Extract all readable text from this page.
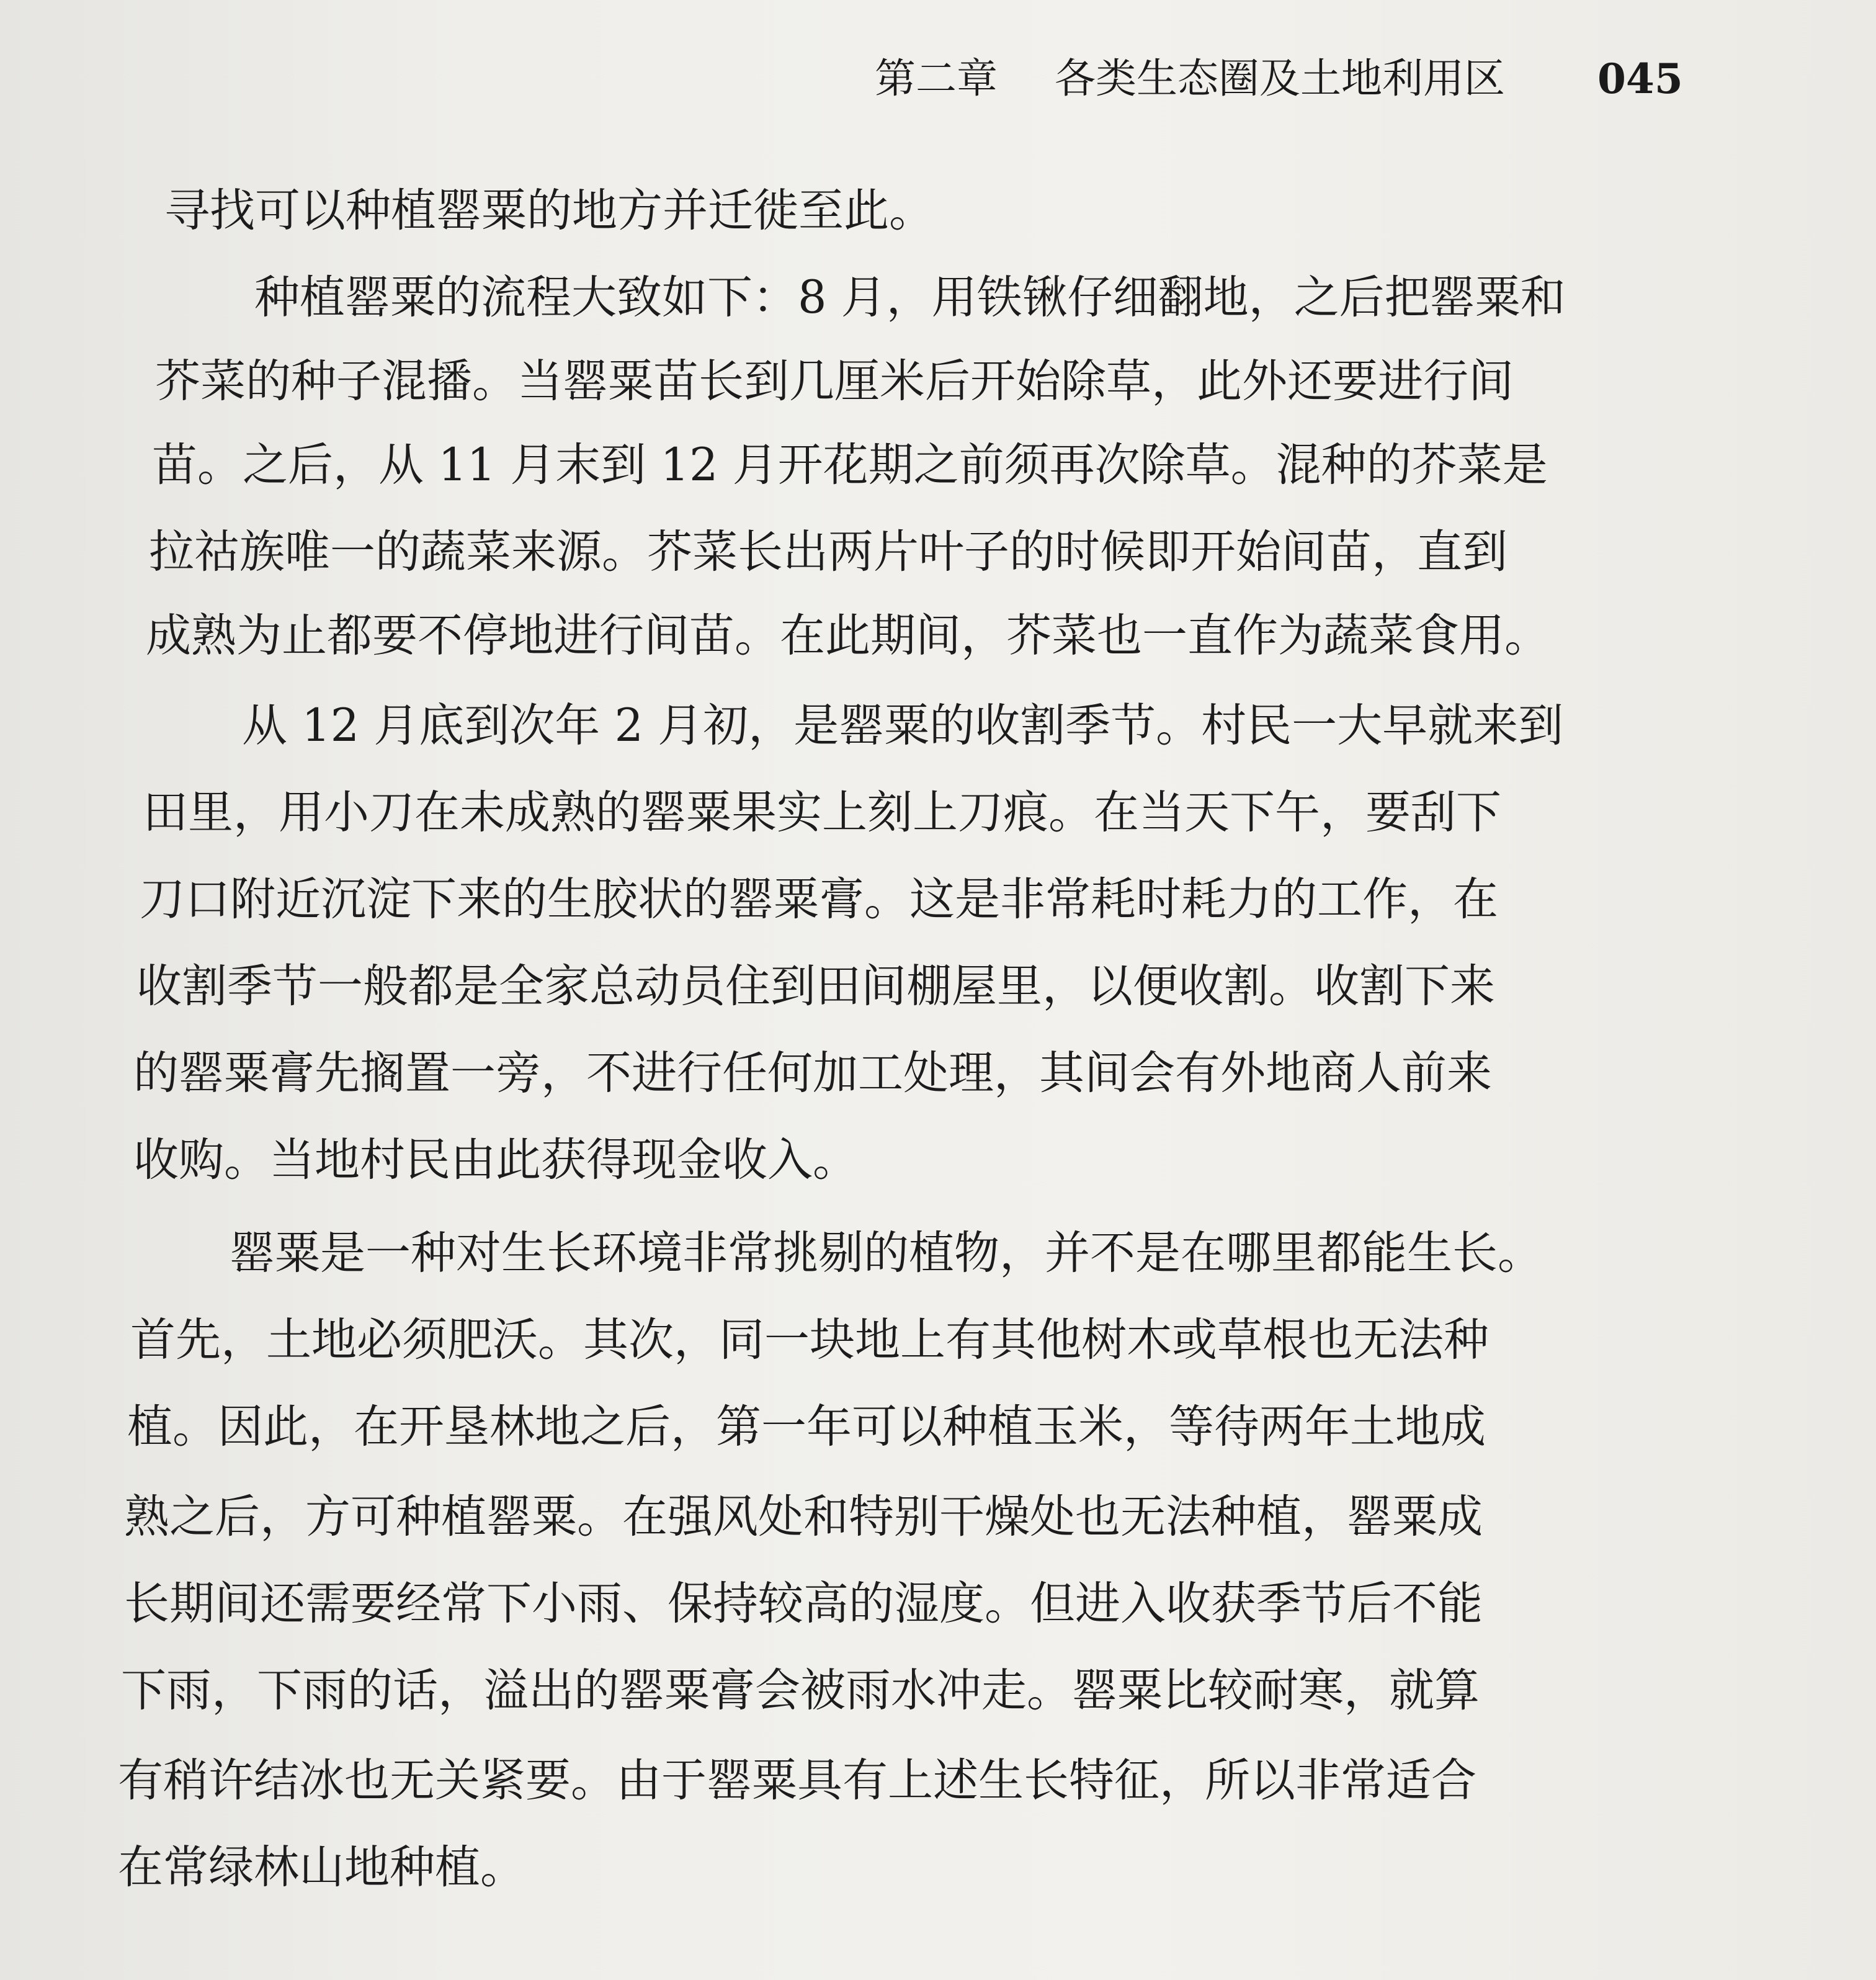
第二章 各类生态圈及土地利用区 045
寻找可以种植罂粟的地方并迁徙至此。
种植罂粟的流程大致如下：8 月，用铁锹仔细翻地，之后把罂粟和
芥菜的种子混播。当罂粟苗长到几厘米后开始除草，此外还要进行间
苗。之后，从 11 月末到 12 月开花期之前须再次除草。混种的芥菜是
拉祜族唯一的蔬菜来源。芥菜长出两片叶子的时候即开始间苗，直到
成熟为止都要不停地进行间苗。在此期间，芥菜也一直作为蔬菜食用。
从 12 月底到次年 2 月初，是罂粟的收割季节。村民一大早就来到
田里，用小刀在未成熟的罂粟果实上刻上刀痕。在当天下午，要刮下
刀口附近沉淀下来的生胶状的罂粟膏。这是非常耗时耗力的工作，在
收割季节一般都是全家总动员住到田间棚屋里，以便收割。收割下来
的罂粟膏先搁置一旁，不进行任何加工处理，其间会有外地商人前来
收购。当地村民由此获得现金收入。
罂粟是一种对生长环境非常挑剔的植物，并不是在哪里都能生长。
首先，土地必须肥沃。其次，同一块地上有其他树木或草根也无法种
植。因此，在开垦林地之后，第一年可以种植玉米，等待两年土地成
熟之后，方可种植罂粟。在强风处和特别干燥处也无法种植，罂粟成
长期间还需要经常下小雨、保持较高的湿度。但进入收获季节后不能
下雨，下雨的话，溢出的罂粟膏会被雨水冲走。罂粟比较耐寒，就算
有稍许结冰也无关紧要。由于罂粟具有上述生长特征，所以非常适合
在常绿林山地种植。
